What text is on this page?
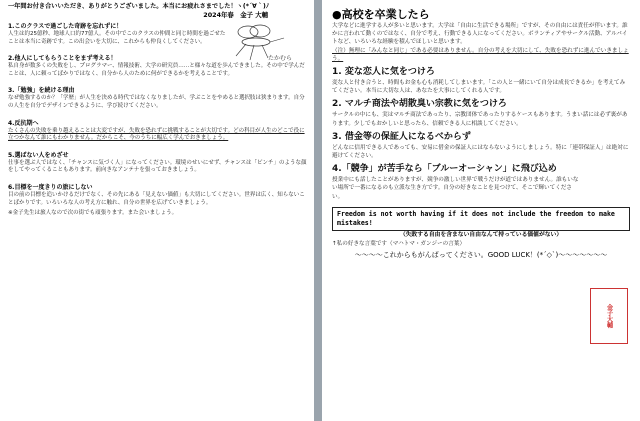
一年間お付き合いいただき、ありがとうございました。本当にお疲れさまでした！ヽ(*´∀｀)ﾉ
2024年春　金子 大輔
たかむら
1.このクラスで過ごした奇跡を忘れずに！
人生は約25億秒、地球人口約77億人。その中でこのクラスの仲間と同じ時間を過ごせたことは本当に奇跡です。この出会いを大切に、これからも仲良くしてください。
2.他人にしてもらうことをまず考える！
私自身が数多くの失敗をし、プログラマー、情報技術、大学の研究員……と様々な道を歩んできました。その中で学んだことは、人に頼ってばかりではなく、自分から人のために何ができるかを考えることです。
3.「勉強」を続ける理由
なぜ勉強するのか？「学歴」が人生を決める時代ではなくなりましたが、学ぶことをやめると選択肢は狭まります。自分の人生を自分でデザインできるように、学び続けてください。
4.反抗期へ
たくさんの失敗を乗り越えることは大変ですが、失敗を恐れずに挑戦することが大切です。どの科目が人生のどこで役に立つかなんて誰にもわかりません。だからこそ、今のうちに幅広く学んでおきましょう。
5.選ばない人をめざせ
仕事を選ぶ人ではなく、「チャンスに気づく人」になってください。環境のせいにせず、チャンスは「ピンチ」のような顔をしてやってくることもあります。前向きなアンテナを張っておきましょう。
6.目標を一度きりの旅にしない
目の前の目標を追いかけるだけでなく、その先にある「見えない価値」も大切にしてください。世界は広く、知らないことばかりです。いろいろな人の考え方に触れ、自分の世界を広げていきましょう。
※金子先生は旅人なので次の街でも頑張ります。また会いましょう。
●高校を卒業したら
大学などに進学する人が多いと思います。大学は「自由に生活できる場所」ですが、その自由には責任が伴います。誰かに言われて動くのではなく、自分で考え、行動できる人になってください。ボランティアやサークル活動、アルバイトなど、いろいろな経験を積んでほしいと思います。
（注）無理に「みんなと同じ」である必要はありません。自分の考えを大切にして、失敗を恐れずに進んでいきましょう。
1. 変な恋人に気をつけろ
変な人と付き合うと、時間もお金も心も消耗してしまいます。「この人と一緒にいて自分は成長できるか」を考えてみてください。本当に大切な人は、あなたを大事にしてくれる人です。
2. マルチ商法や胡散臭い宗教に気をつけろ
サークルの中にも、実はマルチ商法であったり、宗教団体であったりするケースもあります。うまい話には必ず裏があります。少しでもおかしいと思ったら、信頼できる人に相談してください。
3. 借金等の保証人になるべからず
どんなに信用できる人であっても、安易に借金の保証人にはならないようにしましょう。特に「連帯保証人」は絶対に避けてください。
4.「競争」が苦手なら「ブルーオーシャン」に飛び込め
授業中にも話したことがありますが、競争の激しい世界で戦うだけが道ではありません。誰もいない場所で一番になるのも立派な生き方です。自分の好きなことを見つけて、そこで輝いてください。
金子大輔
Freedom is not worth having if it does not include the freedom to make mistakes!
（失敗する自由を含まない自由なんて持っている価値がない）
↑私の好きな言葉です（マハトマ・ガンジーの言葉）
～～～～これからもがんばってください。GOOD LUCK！(*´◇`)～～～～～～～
